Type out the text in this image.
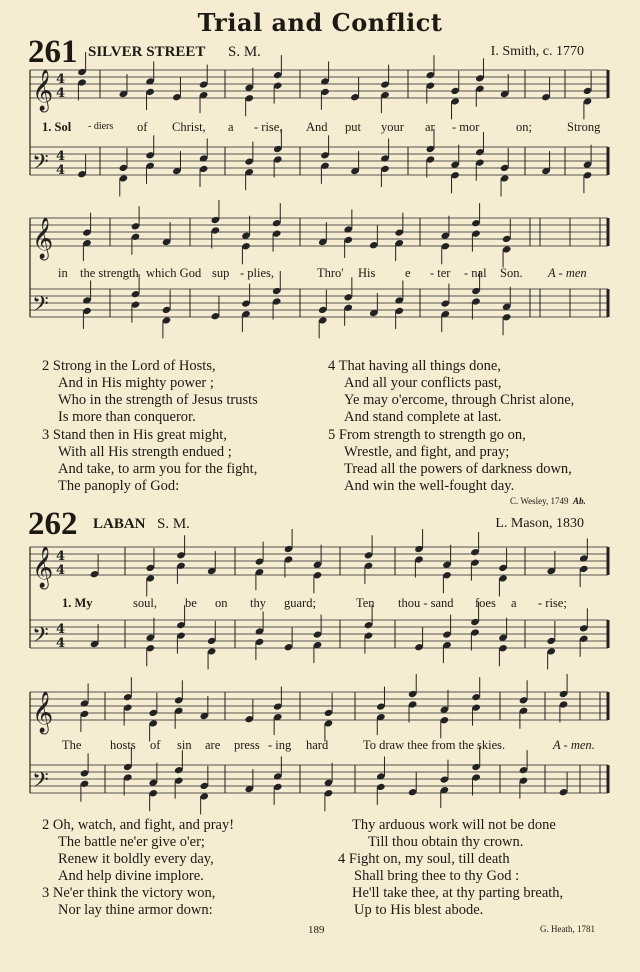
Trial and Conflict
261 SILVER STREET S. M.	I. Smith, c. 1770
𝄞 4
4
𝄢 4
4
𝄞
𝄢
𝄞 4
4
𝄢 4
4
𝄞
𝄢
1. Sol - diers of Christ, a - rise, And put your ar - mor	on;	Strong
in the strength which God sup - plies,	Thro' His e - ter - nal Son. A - men
2 Strong in the Lord of Hosts,
And in His mighty power ;
Who in the strength of Jesus trusts
Is more than conqueror.
3 Stand then in His great might,
With all His strength endued ;
And take, to arm you for the fight,
The panoply of God:
4 That having all things done,
And all your conflicts past,
Ye may o'ercome, through Christ alone,
And stand complete at last.
5 From strength to strength go on,
Wrestle, and fight, and pray;
Tread all the powers of darkness down,
And win the well-fought day.
C. Wesley, 1749 Ab.
262 LABAN S. M.	L. Mason, 1830
1. My	soul, be on thy guard;	Ten thou - sand foes a - rise;
The hosts of sin are press - ing hard	To draw thee from the skies.	A - men.
2 Oh, watch, and fight, and pray!
The battle ne'er give o'er;
Renew it boldly every day,
And help divine implore.
3 Ne'er think the victory won,
Nor lay thine armor down:
Thy arduous work will not be done
Till thou obtain thy crown.
4 Fight on, my soul, till death
Shall bring thee to thy God :
He'll take thee, at thy parting breath,
Up to His blest abode.
189	G. Heath, 1781
